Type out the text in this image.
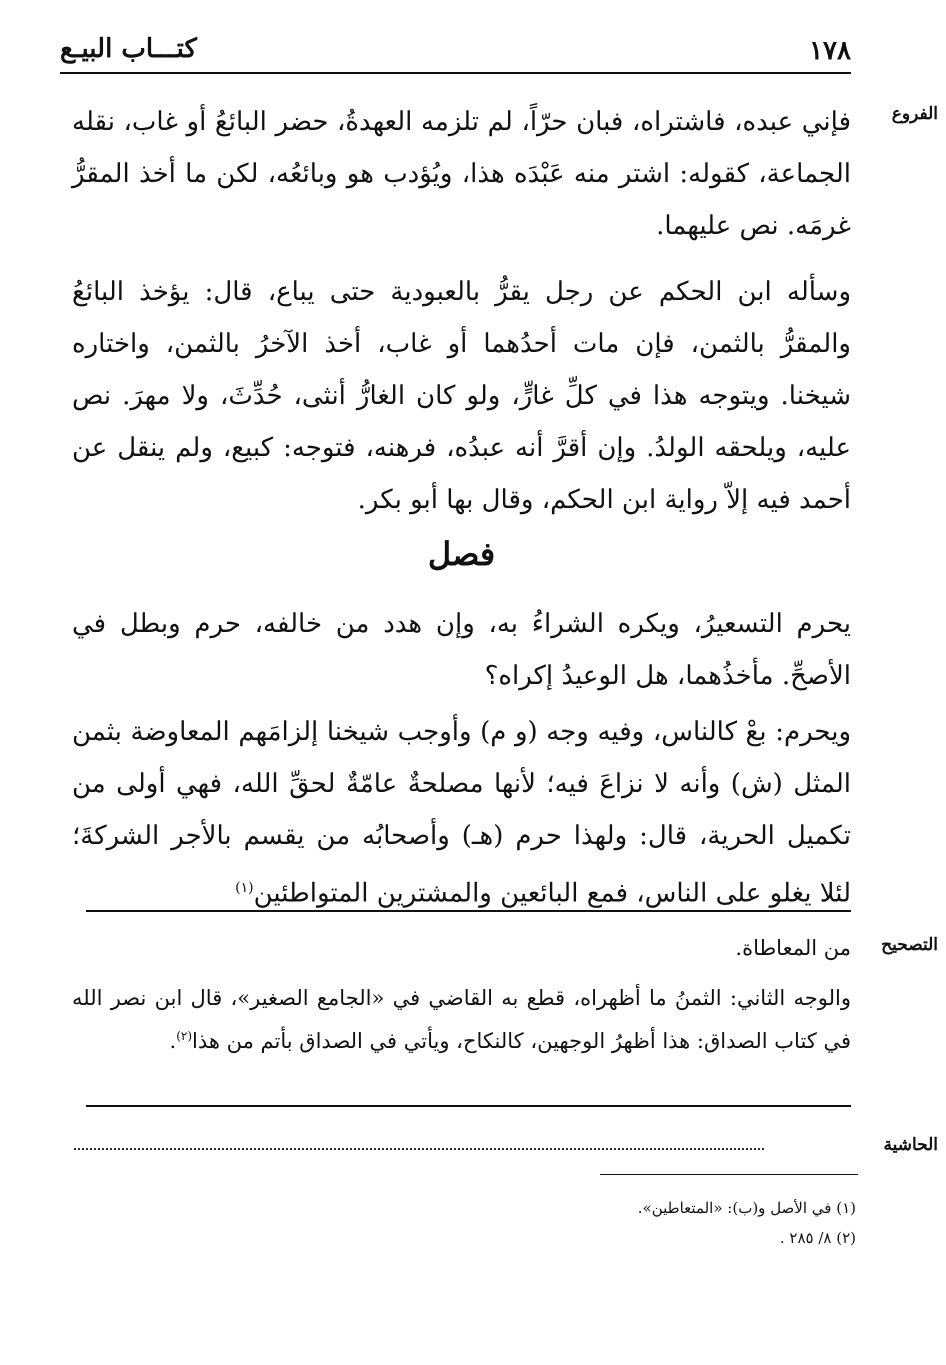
١٧٨
كتـــاب البيـع
الفروع

فإني عبده، فاشتراه، فبان حرّاً، لم تلزمه العهدةُ، حضر البائعُ أو غاب، نقله الجماعة، كقوله: اشتر منه عَبْدَه هذا، ويُؤدب هو وبائعُه، لكن ما أخذ المقرُّ غرمَه. نص عليهما.

وسأله ابن الحكم عن رجل يقرُّ بالعبودية حتى يباع، قال: يؤخذ البائعُ والمقرُّ بالثمن، فإن مات أحدُهما أو غاب، أخذ الآخرُ بالثمن، واختاره شيخنا. ويتوجه هذا في كلِّ غارٍّ، ولو كان الغارُّ أنثى، حُدِّثَ، ولا مهرَ. نص عليه، ويلحقه الولدُ. وإن أقرَّ أنه عبدُه، فرهنه، فتوجه: كبيع، ولم ينقل عن أحمد فيه إلاّ رواية ابن الحكم، وقال بها أبو بكر.

فصل

يحرم التسعيرُ، ويكره الشراءُ به، وإن هدد من خالفه، حرم وبطل في الأصحِّ. مأخذُهما، هل الوعيدُ إكراه؟

ويحرم: بعْ كالناس، وفيه وجه (و م) وأوجب شيخنا إلزامَهم المعاوضة بثمن المثل (ش) وأنه لا نزاعَ فيه؛ لأنها مصلحةٌ عامّةٌ لحقِّ الله، فهي أولى من تكميل الحرية، قال: ولهذا حرم (هـ) وأصحابُه من يقسم بالأجر الشركةَ؛ لئلا يغلو على الناس، فمع البائعين والمشترين المتواطئين$^{(١)}$

التصحيح

من المعاطاة.

والوجه الثاني: الثمنُ ما أظهراه، قطع به القاضي في «الجامع الصغير»، قال ابن نصر الله في كتاب الصداق: هذا أظهرُ الوجهين، كالنكاح، ويأتي في الصداق بأتم من هذا$^{(٢)}$.

الحاشية

(١) في الأصل و(ب): «المتعاطين».

(٢) ٨/ ٢٨٥ .
